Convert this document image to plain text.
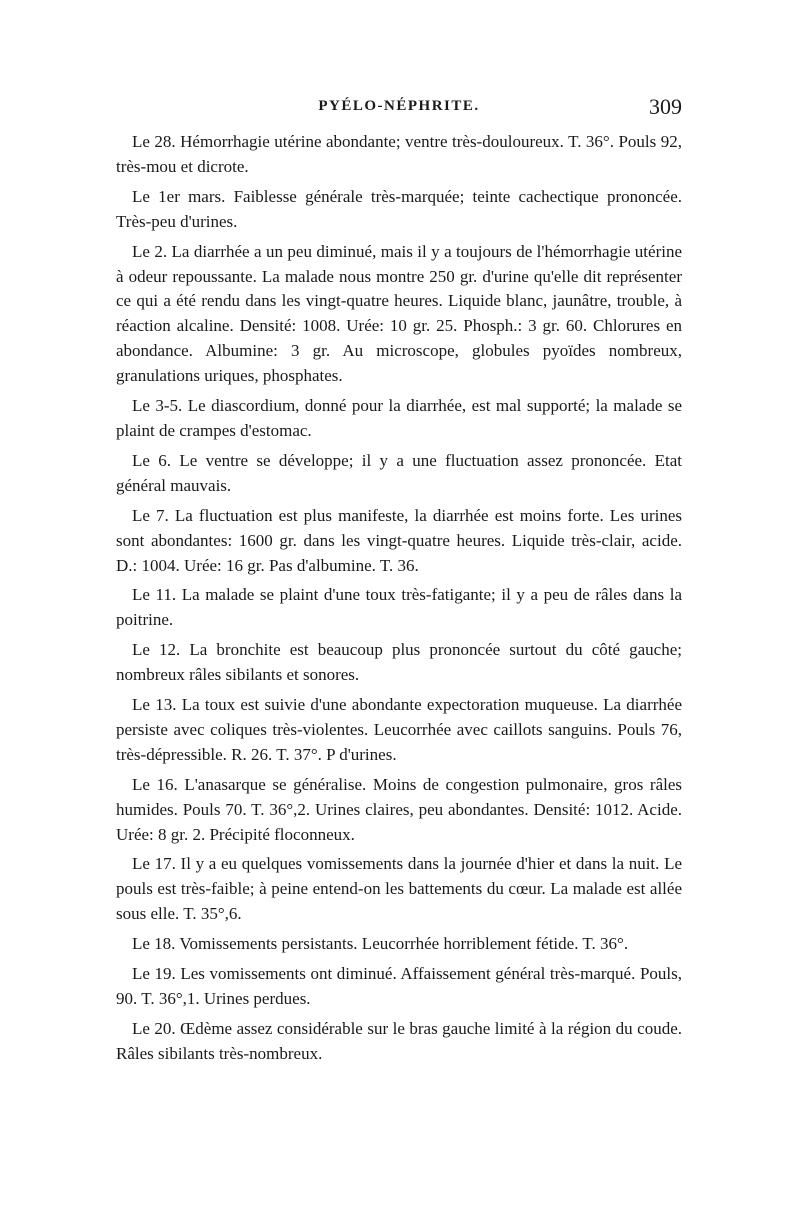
PYÉLO-NÉPHRITE.	309

Le 28. Hémorrhagie utérine abondante; ventre très-douloureux. T. 36°. Pouls 92, très-mou et dicrote.

Le 1er mars. Faiblesse générale très-marquée; teinte cachectique prononcée. Très-peu d'urines.

Le 2. La diarrhée a un peu diminué, mais il y a toujours de l'hémorrhagie utérine à odeur repoussante. La malade nous montre 250 gr. d'urine qu'elle dit représenter ce qui a été rendu dans les vingt-quatre heures. Liquide blanc, jaunâtre, trouble, à réaction alcaline. Densité: 1008. Urée: 10 gr. 25. Phosph.: 3 gr. 60. Chlorures en abondance. Albumine: 3 gr. Au microscope, globules pyoïdes nombreux, granulations uriques, phosphates.

Le 3-5. Le diascordium, donné pour la diarrhée, est mal supporté; la malade se plaint de crampes d'estomac.

Le 6. Le ventre se développe; il y a une fluctuation assez prononcée. Etat général mauvais.

Le 7. La fluctuation est plus manifeste, la diarrhée est moins forte. Les urines sont abondantes: 1600 gr. dans les vingt-quatre heures. Liquide très-clair, acide. D.: 1004. Urée: 16 gr. Pas d'albumine. T. 36.

Le 11. La malade se plaint d'une toux très-fatigante; il y a peu de râles dans la poitrine.

Le 12. La bronchite est beaucoup plus prononcée surtout du côté gauche; nombreux râles sibilants et sonores.

Le 13. La toux est suivie d'une abondante expectoration muqueuse. La diarrhée persiste avec coliques très-violentes. Leucorrhée avec caillots sanguins. Pouls 76, très-dépressible. R. 26. T. 37°. P d'urines.

Le 16. L'anasarque se généralise. Moins de congestion pulmonaire, gros râles humides. Pouls 70. T. 36°,2. Urines claires, peu abondantes. Densité: 1012. Acide. Urée: 8 gr. 2. Précipité floconneux.

Le 17. Il y a eu quelques vomissements dans la journée d'hier et dans la nuit. Le pouls est très-faible; à peine entend-on les battements du cœur. La malade est allée sous elle. T. 35°,6.

Le 18. Vomissements persistants. Leucorrhée horriblement fétide. T. 36°.

Le 19. Les vomissements ont diminué. Affaissement général très-marqué. Pouls, 90. T. 36°,1. Urines perdues.

Le 20. Œdème assez considérable sur le bras gauche limité à la région du coude. Râles sibilants très-nombreux.
